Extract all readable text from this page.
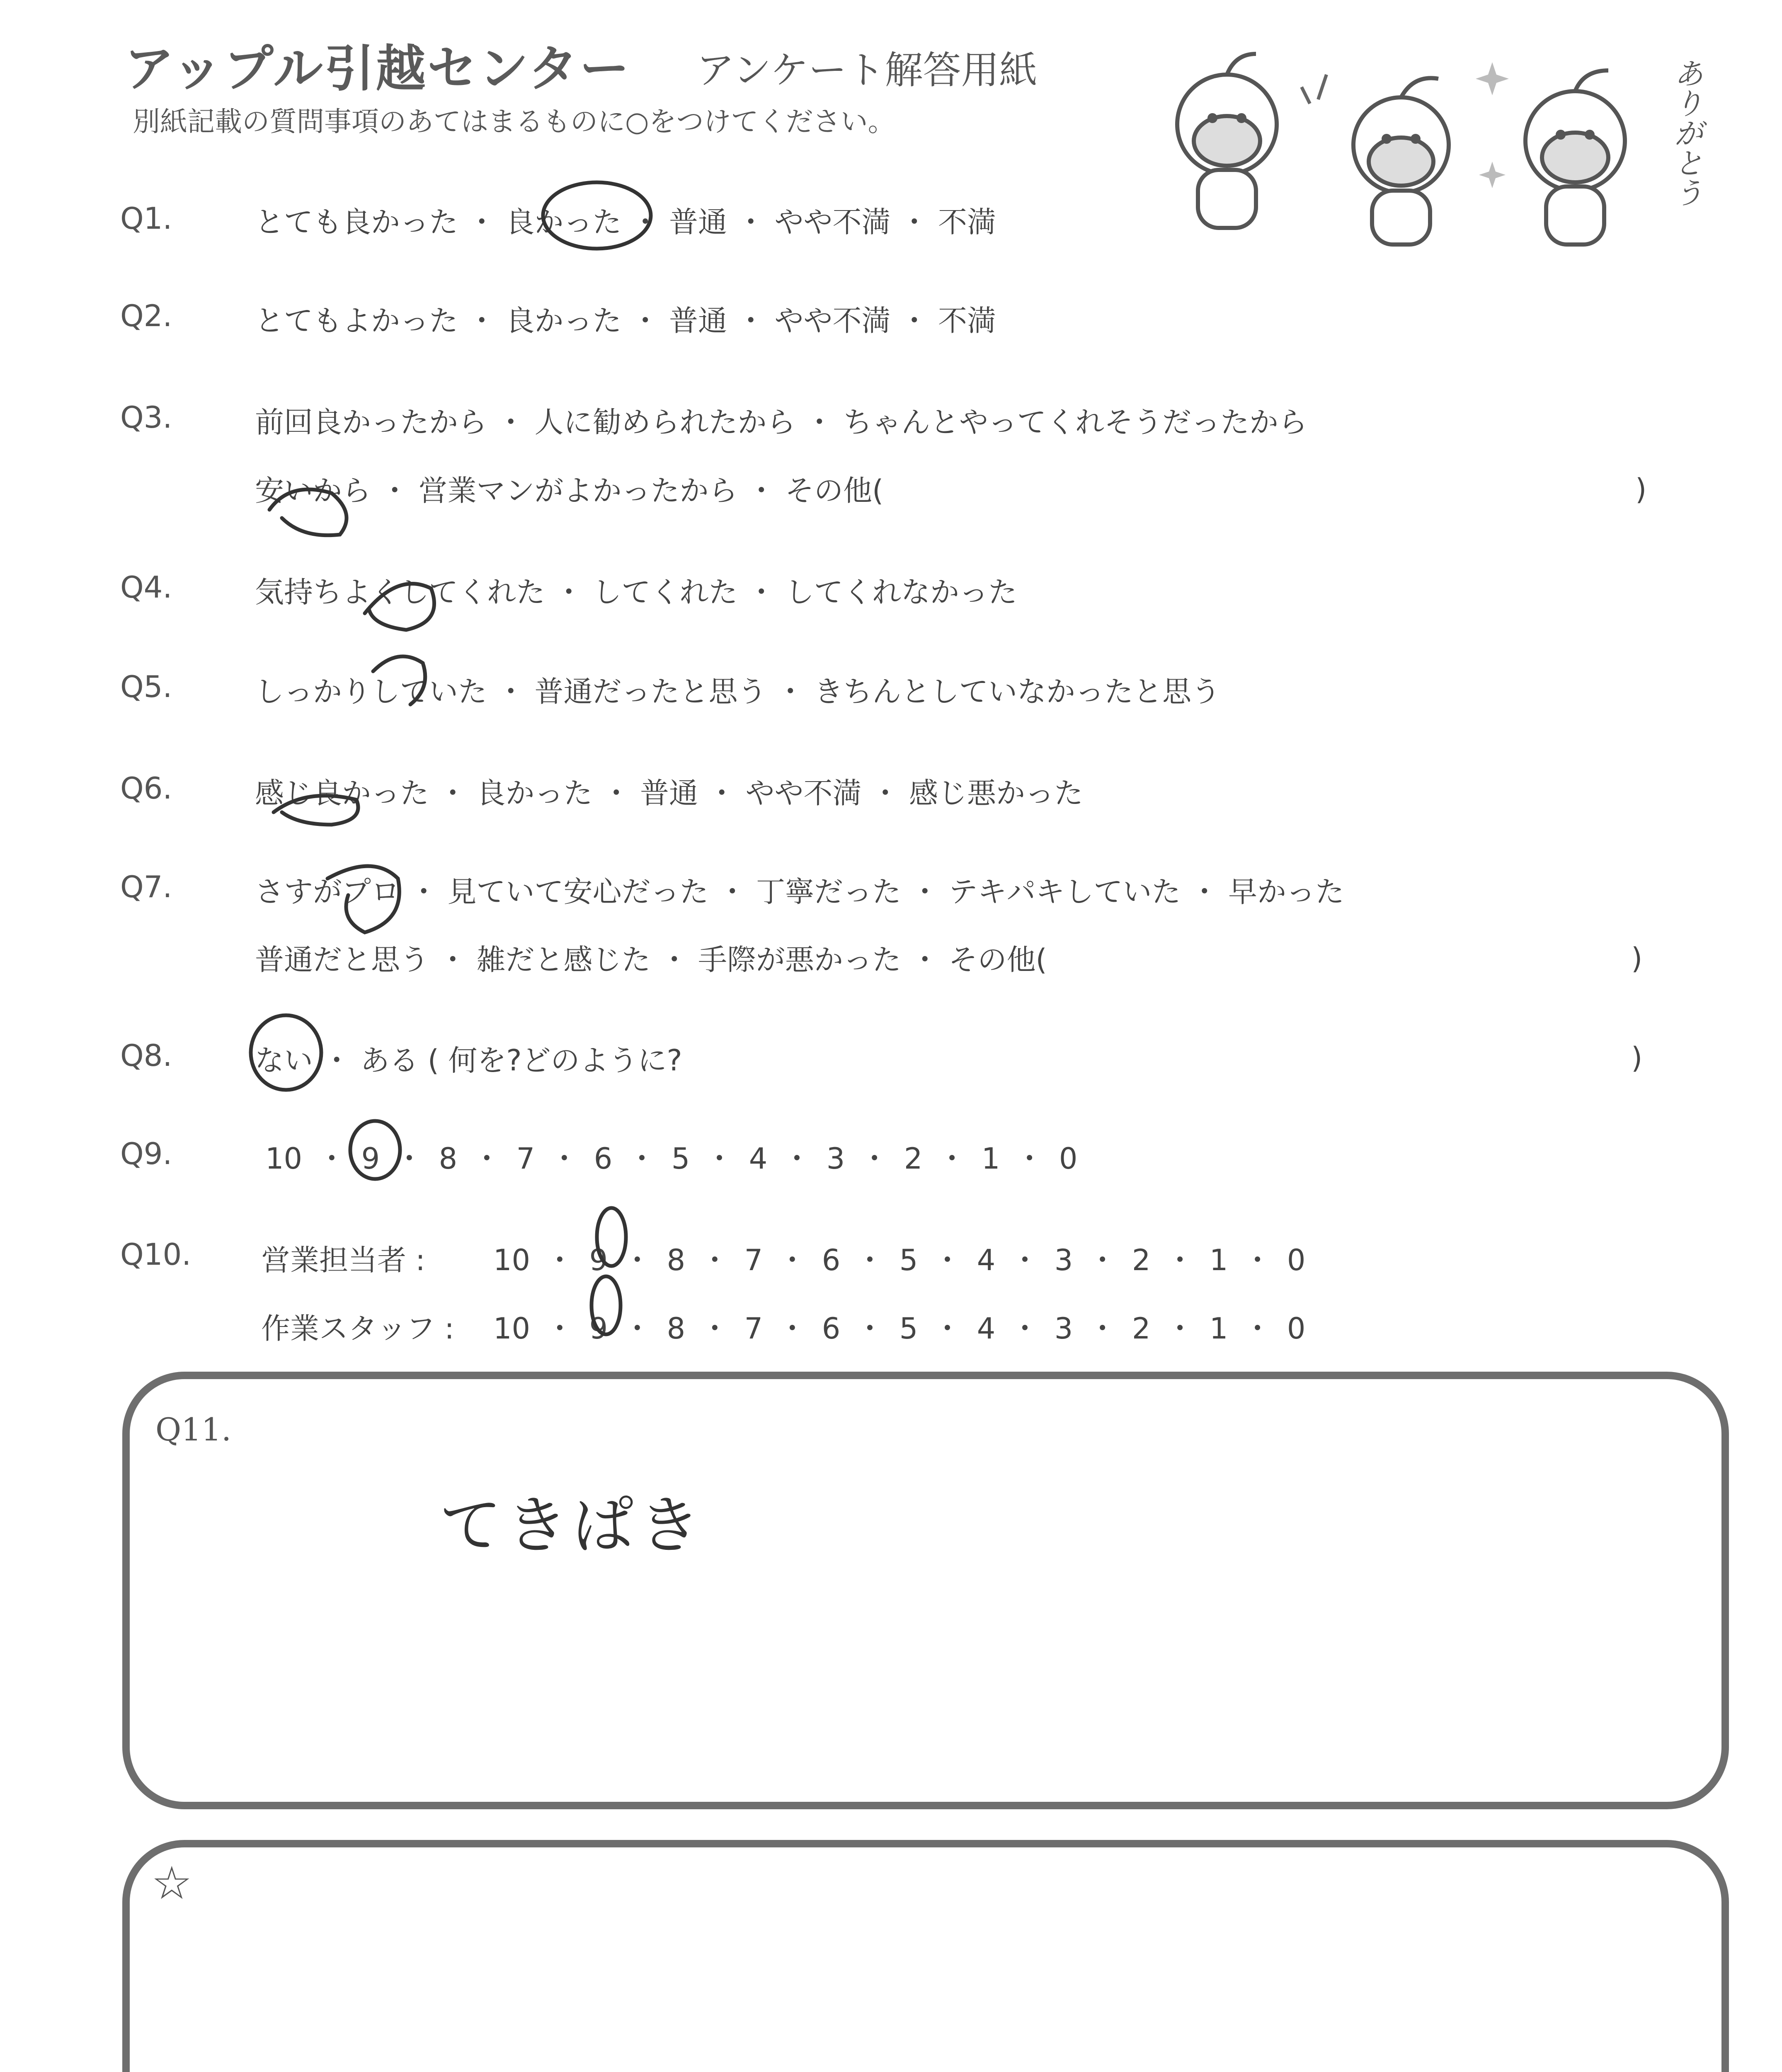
アップル引越センター アンケート解答用紙
別紙記載の質問事項のあてはまるものに○をつけてください。	ありがとう
Q1.	とても良かった ・ 良かった ・ 普通 ・ やや不満 ・ 不満
Q2.	とてもよかった ・ 良かった ・ 普通 ・ やや不満 ・ 不満
Q3.	前回良かったから ・ 人に勧められたから ・ ちゃんとやってくれそうだったから
安いから ・ 営業マンがよかったから ・ その他(	)
Q4.	気持ちよくしてくれた ・ してくれた ・ してくれなかった
Q5.	しっかりしていた ・ 普通だったと思う ・ きちんとしていなかったと思う
Q6.	感じ良かった ・ 良かった ・ 普通 ・ やや不満 ・ 感じ悪かった
Q7.	さすがプロ ・ 見ていて安心だった ・ 丁寧だった ・ テキパキしていた ・ 早かった
普通だと思う ・ 雑だと感じた ・ 手際が悪かった ・ その他(	)
Q8.	ない ・ ある ( 何を?どのように?	)
Q9.	10 ・ 9 ・ 8 ・ 7 ・ 6 ・ 5 ・ 4 ・ 3 ・ 2 ・ 1 ・ 0
Q10. 営業担当者 : 10 ・ 9 ・ 8 ・ 7 ・ 6 ・ 5 ・ 4 ・ 3 ・ 2 ・ 1 ・ 0
作業スタッフ : 10 ・ 9 ・ 8 ・ 7 ・ 6 ・ 5 ・ 4 ・ 3 ・ 2 ・ 1 ・ 0
Q11.
てきぱき
☆
